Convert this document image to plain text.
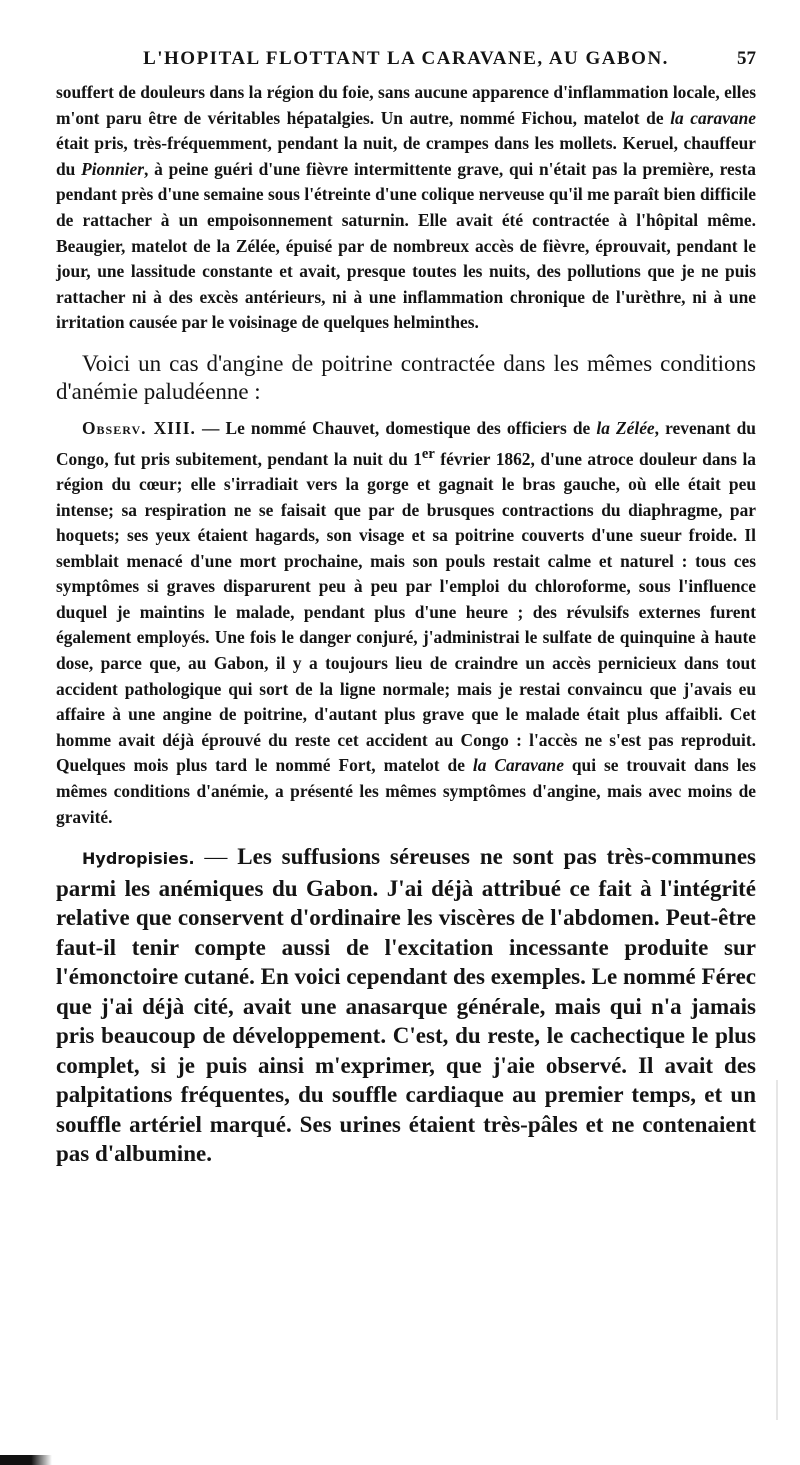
L'HOPITAL FLOTTANT LA CARAVANE, AU GABON.	57

souffert de douleurs dans la région du foie, sans aucune apparence d'inflammation locale, elles m'ont paru être de véritables hépatalgies. Un autre, nommé Fichou, matelot de la caravane était pris, très-fréquemment, pendant la nuit, de crampes dans les mollets. Keruel, chauffeur du Pionnier, à peine guéri d'une fièvre intermittente grave, qui n'était pas la première, resta pendant près d'une semaine sous l'étreinte d'une colique nerveuse qu'il me paraît bien difficile de rattacher à un empoisonnement saturnin. Elle avait été contractée à l'hôpital même. Beaugier, matelot de la Zélée, épuisé par de nombreux accès de fièvre, éprouvait, pendant le jour, une lassitude constante et avait, presque toutes les nuits, des pollutions que je ne puis rattacher ni à des excès antérieurs, ni à une inflammation chronique de l'urèthre, ni à une irritation causée par le voisinage de quelques helminthes.

Voici un cas d'angine de poitrine contractée dans les mêmes conditions d'anémie paludéenne :

Observ. XIII. — Le nommé Chauvet, domestique des officiers de la Zélée, revenant du Congo, fut pris subitement, pendant la nuit du 1er février 1862, d'une atroce douleur dans la région du cœur; elle s'irradiait vers la gorge et gagnait le bras gauche, où elle était peu intense; sa respiration ne se faisait que par de brusques contractions du diaphragme, par hoquets; ses yeux étaient hagards, son visage et sa poitrine couverts d'une sueur froide. Il semblait menacé d'une mort prochaine, mais son pouls restait calme et naturel : tous ces symptômes si graves disparurent peu à peu par l'emploi du chloroforme, sous l'influence duquel je maintins le malade, pendant plus d'une heure ; des révulsifs externes furent également employés. Une fois le danger conjuré, j'administrai le sulfate de quinquine à haute dose, parce que, au Gabon, il y a toujours lieu de craindre un accès pernicieux dans tout accident pathologique qui sort de la ligne normale; mais je restai convaincu que j'avais eu affaire à une angine de poitrine, d'autant plus grave que le malade était plus affaibli. Cet homme avait déjà éprouvé du reste cet accident au Congo : l'accès ne s'est pas reproduit. Quelques mois plus tard le nommé Fort, matelot de la Caravane qui se trouvait dans les mêmes conditions d'anémie, a présenté les mêmes symptômes d'angine, mais avec moins de gravité.

Hydropisies. — Les suffusions séreuses ne sont pas très-communes parmi les anémiques du Gabon. J'ai déjà attribué ce fait à l'intégrité relative que conservent d'ordinaire les viscères de l'abdomen. Peut-être faut-il tenir compte aussi de l'excitation incessante produite sur l'émonctoire cutané. En voici cependant des exemples. Le nommé Férec que j'ai déjà cité, avait une anasarque générale, mais qui n'a jamais pris beaucoup de développement. C'est, du reste, le cachectique le plus complet, si je puis ainsi m'exprimer, que j'aie observé. Il avait des palpitations fréquentes, du souffle cardiaque au premier temps, et un souffle artériel marqué. Ses urines étaient très-pâles et ne contenaient pas d'albumine.
